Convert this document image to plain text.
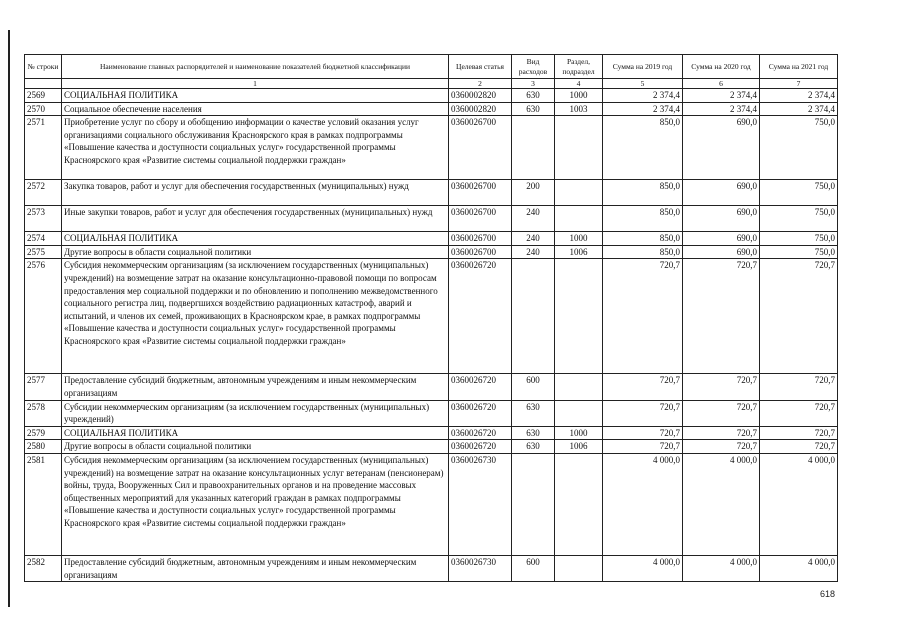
№ строки	Наименование главных распорядителей и наименование показателей бюджетной классификации	Целевая статья	Вид расходов	Раздел, подраздел	Сумма на 2019 год	Сумма на 2020 год	Сумма на 2021 год
	1	2	3	4	5	6	7
2569	СОЦИАЛЬНАЯ ПОЛИТИКА	0360002820	630	1000	2 374,4	2 374,4	2 374,4
2570	Социальное обеспечение населения	0360002820	630	1003	2 374,4	2 374,4	2 374,4
2571	Приобретение услуг по сбору и обобщению информации о качестве условий оказания услуг организациями социального обслуживания Красноярского края в рамках подпрограммы «Повышение качества и доступности социальных услуг» государственной программы Красноярского края «Развитие системы социальной поддержки граждан»	0360026700			850,0	690,0	750,0
2572	Закупка товаров, работ и услуг для обеспечения государственных (муниципальных) нужд	0360026700	200		850,0	690,0	750,0
2573	Иные закупки товаров, работ и услуг для обеспечения государственных (муниципальных) нужд	0360026700	240		850,0	690,0	750,0
2574	СОЦИАЛЬНАЯ ПОЛИТИКА	0360026700	240	1000	850,0	690,0	750,0
2575	Другие вопросы в области социальной политики	0360026700	240	1006	850,0	690,0	750,0
2576	Субсидия некоммерческим организациям (за исключением государственных (муниципальных) учреждений) на возмещение затрат на оказание консультационно-правовой помощи по вопросам предоставления мер социальной поддержки и по обновлению и пополнению межведомственного социального регистра лиц, подвергшихся воздействию радиационных катастроф, аварий и испытаний, и членов их семей, проживающих в Красноярском крае, в рамках подпрограммы «Повышение качества и доступности социальных услуг» государственной программы Красноярского края «Развитие системы социальной поддержки граждан»	0360026720			720,7	720,7	720,7
2577	Предоставление субсидий бюджетным, автономным учреждениям и иным некоммерческим организациям	0360026720	600		720,7	720,7	720,7
2578	Субсидии некоммерческим организациям (за исключением государственных (муниципальных) учреждений)	0360026720	630		720,7	720,7	720,7
2579	СОЦИАЛЬНАЯ ПОЛИТИКА	0360026720	630	1000	720,7	720,7	720,7
2580	Другие вопросы в области социальной политики	0360026720	630	1006	720,7	720,7	720,7
2581	Субсидия некоммерческим организациям (за исключением государственных (муниципальных) учреждений) на возмещение затрат на оказание консультационных услуг ветеранам (пенсионерам) войны, труда, Вооруженных Сил и правоохранительных органов и на проведение массовых общественных мероприятий для указанных категорий граждан в рамках подпрограммы «Повышение качества и доступности социальных услуг» государственной программы Красноярского края «Развитие системы социальной поддержки граждан»	0360026730			4 000,0	4 000,0	4 000,0
2582	Предоставление субсидий бюджетным, автономным учреждениям и иным некоммерческим организациям	0360026730	600		4 000,0	4 000,0	4 000,0
618
